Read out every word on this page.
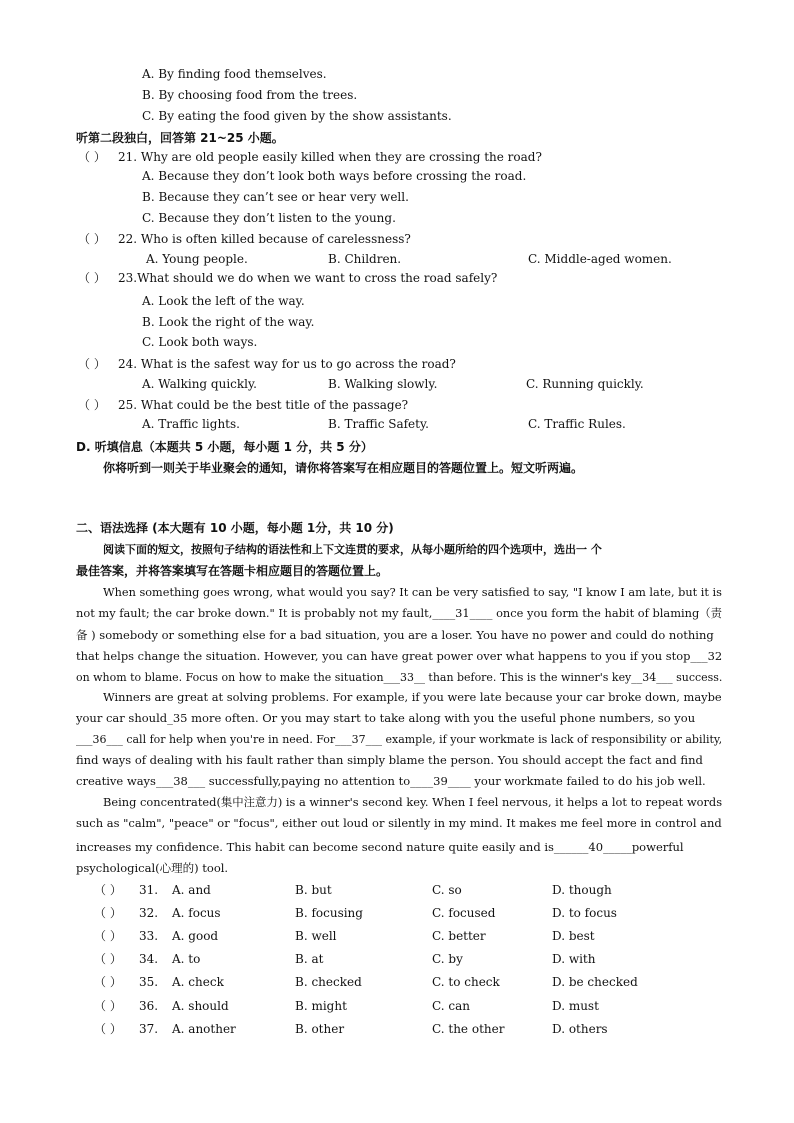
A. By finding food themselves.
B. By choosing food from the trees.
C. By eating the food given by the show assistants.
听第二段独白，回答第 21~25 小题。
（ ） 21. Why are old people easily killed when they are crossing the road?
A. Because they don’t look both ways before crossing the road.
B. Because they can’t see or hear very well.
C. Because they don’t listen to the young.
（ ） 22. Who is often killed because of carelessness?
A. Young people.	B. Children.	C. Middle-aged women.
（ ） 23.What should we do when we want to cross the road safely?
A. Look the left of the way.
B. Look the right of the way.
C. Look both ways.
（ ） 24. What is the safest way for us to go across the road?
A. Walking quickly.	B. Walking slowly.	C. Running quickly.
（ ） 25. What could be the best title of the passage?
A. Traffic lights.	B. Traffic Safety.	C. Traffic Rules.
D. 听填信息（本题共 5 小题，每小题 1 分，共 5 分）
你将听到一则关于毕业聚会的通知，请你将答案写在相应题目的答题位置上。短文听两遍。
二、语法选择 (本大题有 10 小题，每小题 1分，共 10 分)
阅读下面的短文，按照句子结构的语法性和上下文连贯的要求，从每小题所给的四个选项中，选出一 个
最佳答案，并将答案填写在答题卡相应题目的答题位置上。
When something goes wrong, what would you say? It can be very satisfied to say, "I know I am late, but it is
not my fault; the car broke down." It is probably not my fault,____31____ once you form the habit of blaming（责
备 ) somebody or something else for a bad situation, you are a loser. You have no power and could do nothing
that helps change the situation. However, you can have great power over what happens to you if you stop___32
on whom to blame. Focus on how to make the situation___33__ than before. This is the winner's key__34___ success.
Winners are great at solving problems. For example, if you were late because your car broke down, maybe
your car should_35 more often. Or you may start to take along with you the useful phone numbers, so you
___36___ call for help when you're in need. For___37___ example, if your workmate is lack of responsibility or ability,
find ways of dealing with his fault rather than simply blame the person. You should accept the fact and find
creative ways___38___ successfully,paying no attention to____39____ your workmate failed to do his job well.
Being concentrated(集中注意力) is a winner's second key. When I feel nervous, it helps a lot to repeat words
such as "calm", "peace" or "focus", either out loud or silently in my mind. It makes me feel more in control and
increases my confidence. This habit can become second nature quite easily and is______40_____powerful
psychological(心理的) tool.
（ ） 31. A. and	B. but	C. so	D. though
（ ） 32. A. focus	B. focusing	C. focused	D. to focus
（ ） 33. A. good	B. well	C. better	D. best
（ ） 34. A. to	B. at	C. by	D. with
（ ） 35. A. check	B. checked	C. to check	D. be checked
（ ） 36. A. should	B. might	C. can	D. must
（ ） 37. A. another	B. other	C. the other	D. others
